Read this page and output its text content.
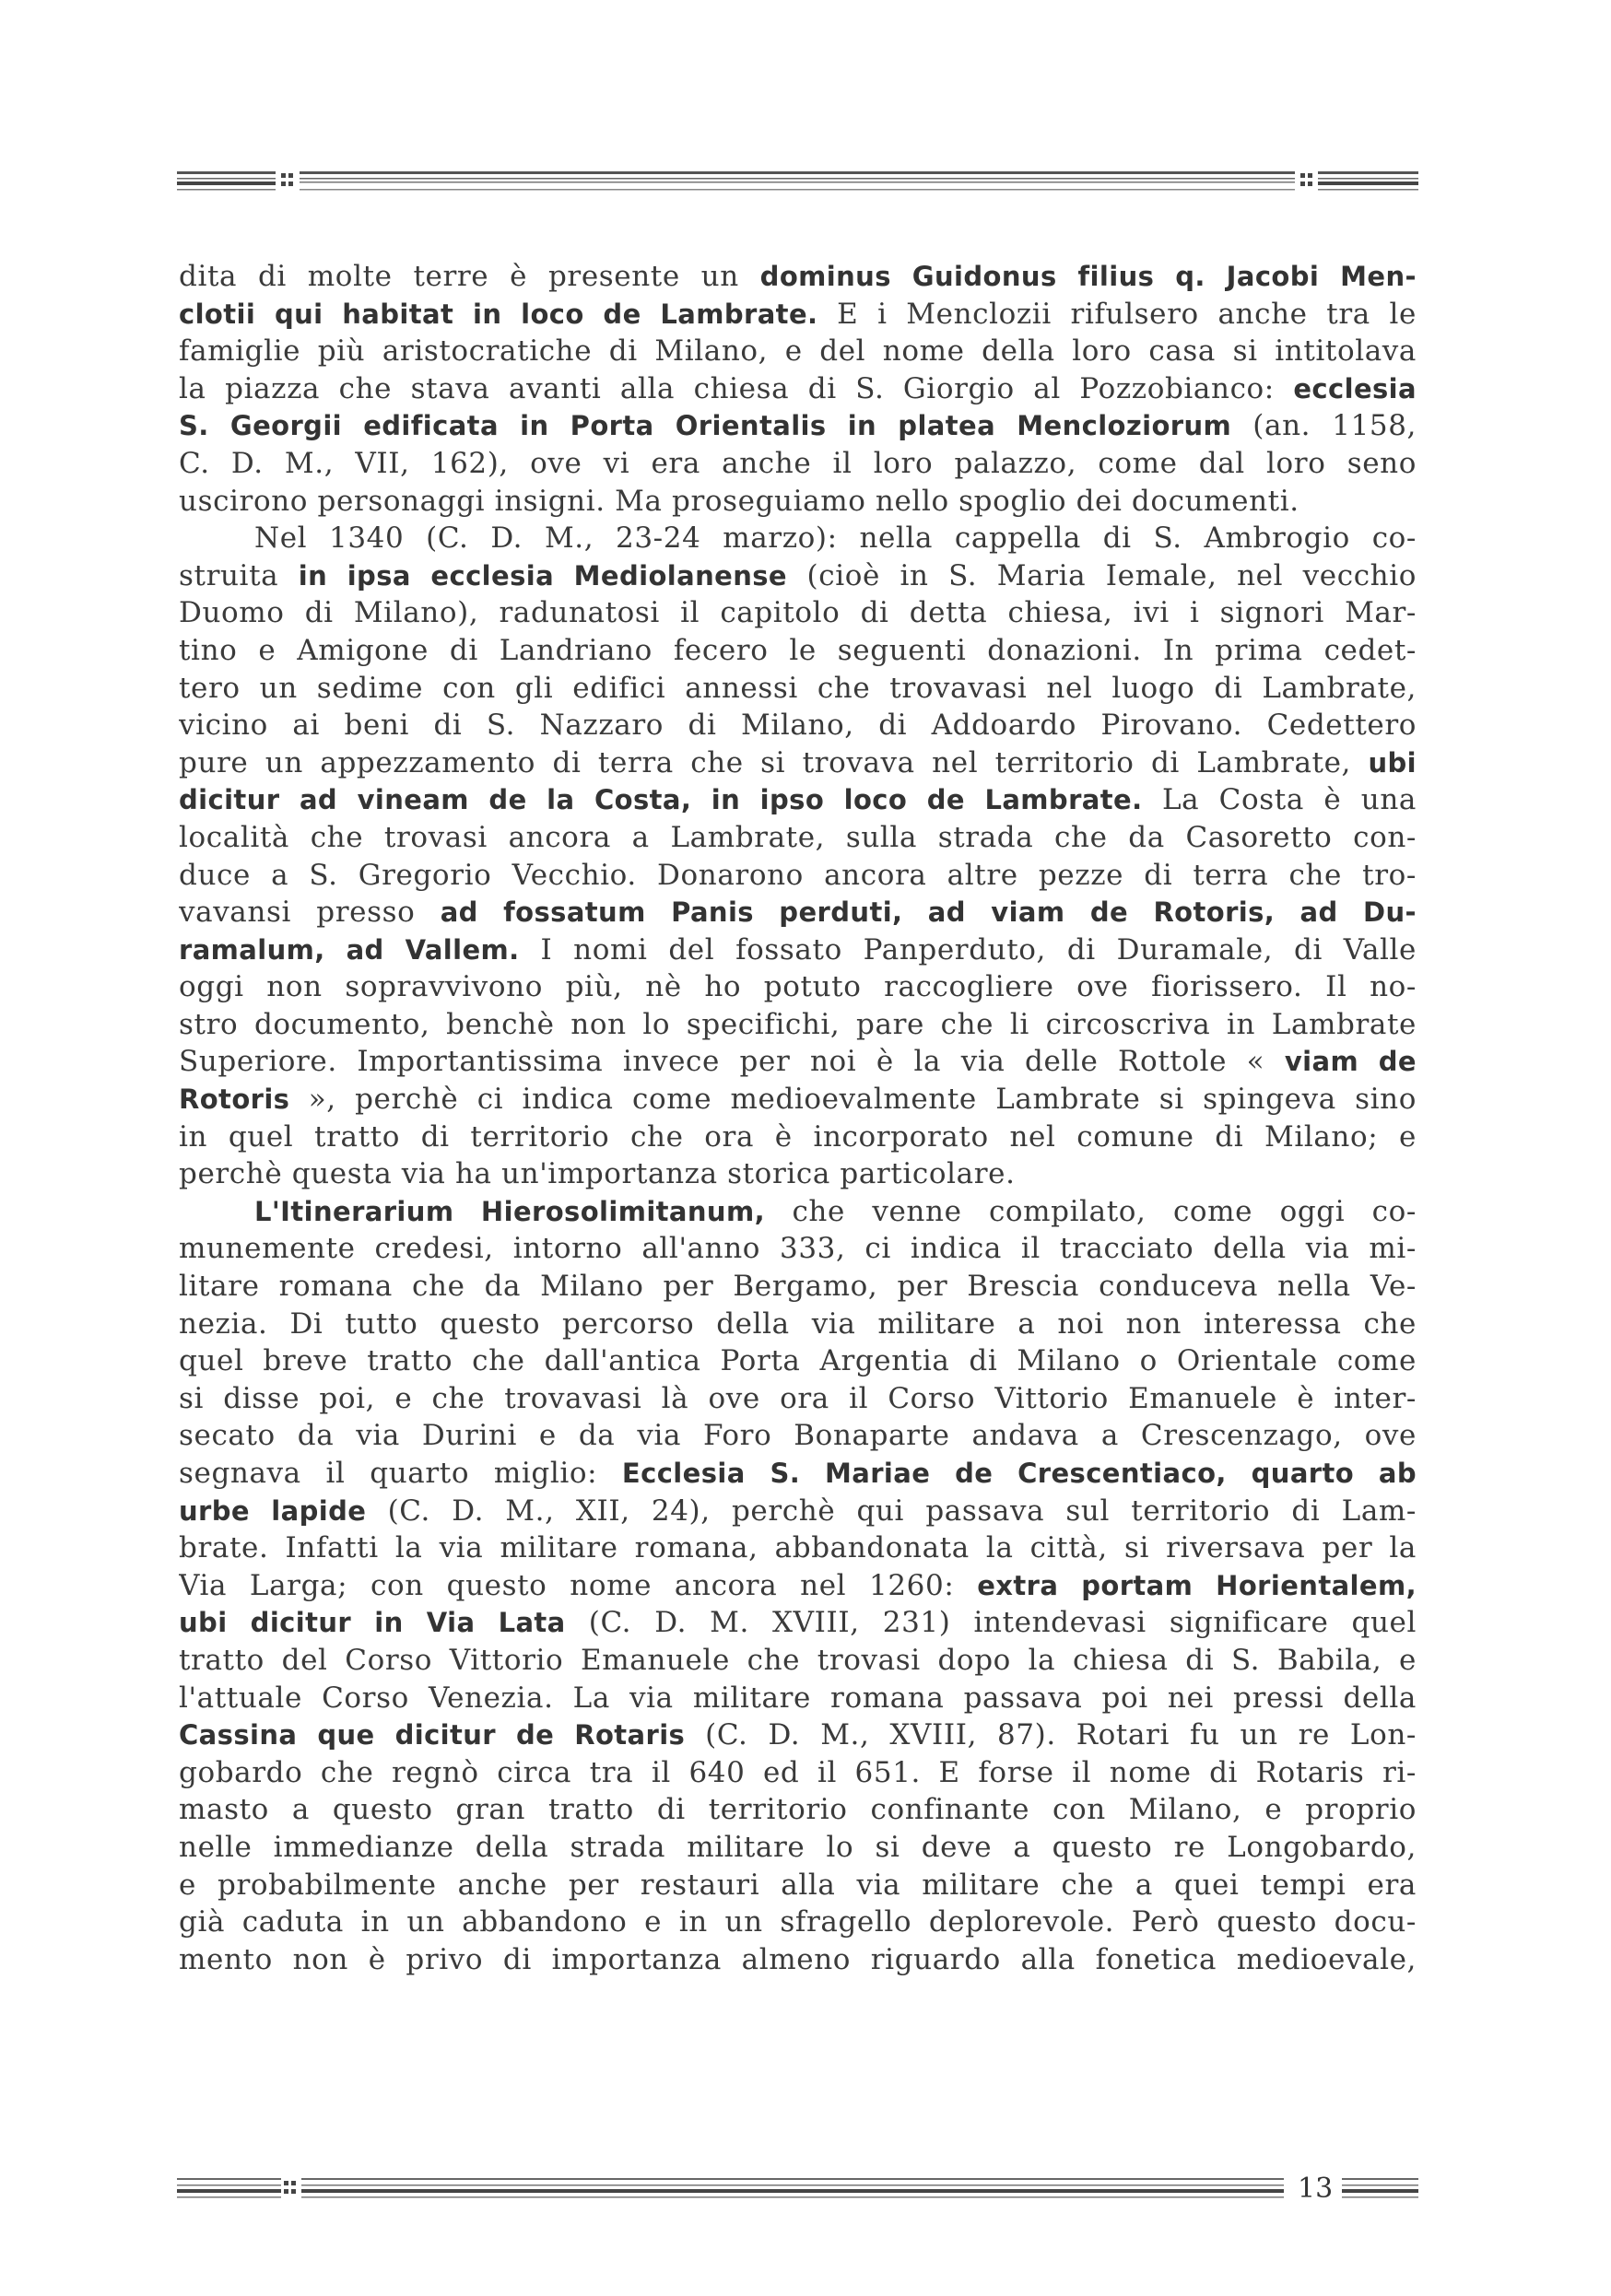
dita di molte terre è presente un dominus Guidonus filius q. Jacobi Men-
clotii qui habitat in loco de Lambrate. E i Menclozii rifulsero anche tra le
famiglie più aristocratiche di Milano, e del nome della loro casa si intitolava
la piazza che stava avanti alla chiesa di S. Giorgio al Pozzobianco: ecclesia
S. Georgii edificata in Porta Orientalis in platea Mencloziorum (an. 1158,
C. D. M., VII, 162), ove vi era anche il loro palazzo, come dal loro seno
uscirono personaggi insigni. Ma proseguiamo nello spoglio dei documenti.
Nel 1340 (C. D. M., 23-24 marzo): nella cappella di S. Ambrogio co-
struita in ipsa ecclesia Mediolanense (cioè in S. Maria Iemale, nel vecchio
Duomo di Milano), radunatosi il capitolo di detta chiesa, ivi i signori Mar-
tino e Amigone di Landriano fecero le seguenti donazioni. In prima cedet-
tero un sedime con gli edifici annessi che trovavasi nel luogo di Lambrate,
vicino ai beni di S. Nazzaro di Milano, di Addoardo Pirovano. Cedettero
pure un appezzamento di terra che si trovava nel territorio di Lambrate, ubi
dicitur ad vineam de la Costa, in ipso loco de Lambrate. La Costa è una
località che trovasi ancora a Lambrate, sulla strada che da Casoretto con-
duce a S. Gregorio Vecchio. Donarono ancora altre pezze di terra che tro-
vavansi presso ad fossatum Panis perduti, ad viam de Rotoris, ad Du-
ramalum, ad Vallem. I nomi del fossato Panperduto, di Duramale, di Valle
oggi non sopravvivono più, nè ho potuto raccogliere ove fiorissero. Il no-
stro documento, benchè non lo specifichi, pare che li circoscriva in Lambrate
Superiore. Importantissima invece per noi è la via delle Rottole « viam de
Rotoris », perchè ci indica come medioevalmente Lambrate si spingeva sino
in quel tratto di territorio che ora è incorporato nel comune di Milano; e
perchè questa via ha un'importanza storica particolare.
L'Itinerarium Hierosolimitanum, che venne compilato, come oggi co-
munemente credesi, intorno all'anno 333, ci indica il tracciato della via mi-
litare romana che da Milano per Bergamo, per Brescia conduceva nella Ve-
nezia. Di tutto questo percorso della via militare a noi non interessa che
quel breve tratto che dall'antica Porta Argentia di Milano o Orientale come
si disse poi, e che trovavasi là ove ora il Corso Vittorio Emanuele è inter-
secato da via Durini e da via Foro Bonaparte andava a Crescenzago, ove
segnava il quarto miglio: Ecclesia S. Mariae de Crescentiaco, quarto ab
urbe lapide (C. D. M., XII, 24), perchè qui passava sul territorio di Lam-
brate. Infatti la via militare romana, abbandonata la città, si riversava per la
Via Larga; con questo nome ancora nel 1260: extra portam Horientalem,
ubi dicitur in Via Lata (C. D. M. XVIII, 231) intendevasi significare quel
tratto del Corso Vittorio Emanuele che trovasi dopo la chiesa di S. Babila, e
l'attuale Corso Venezia. La via militare romana passava poi nei pressi della
Cassina que dicitur de Rotaris (C. D. M., XVIII, 87). Rotari fu un re Lon-
gobardo che regnò circa tra il 640 ed il 651. E forse il nome di Rotaris ri-
masto a questo gran tratto di territorio confinante con Milano, e proprio
nelle immedianze della strada militare lo si deve a questo re Longobardo,
e probabilmente anche per restauri alla via militare che a quei tempi era
già caduta in un abbandono e in un sfragello deplorevole. Però questo docu-
mento non è privo di importanza almeno riguardo alla fonetica medioevale,
13
